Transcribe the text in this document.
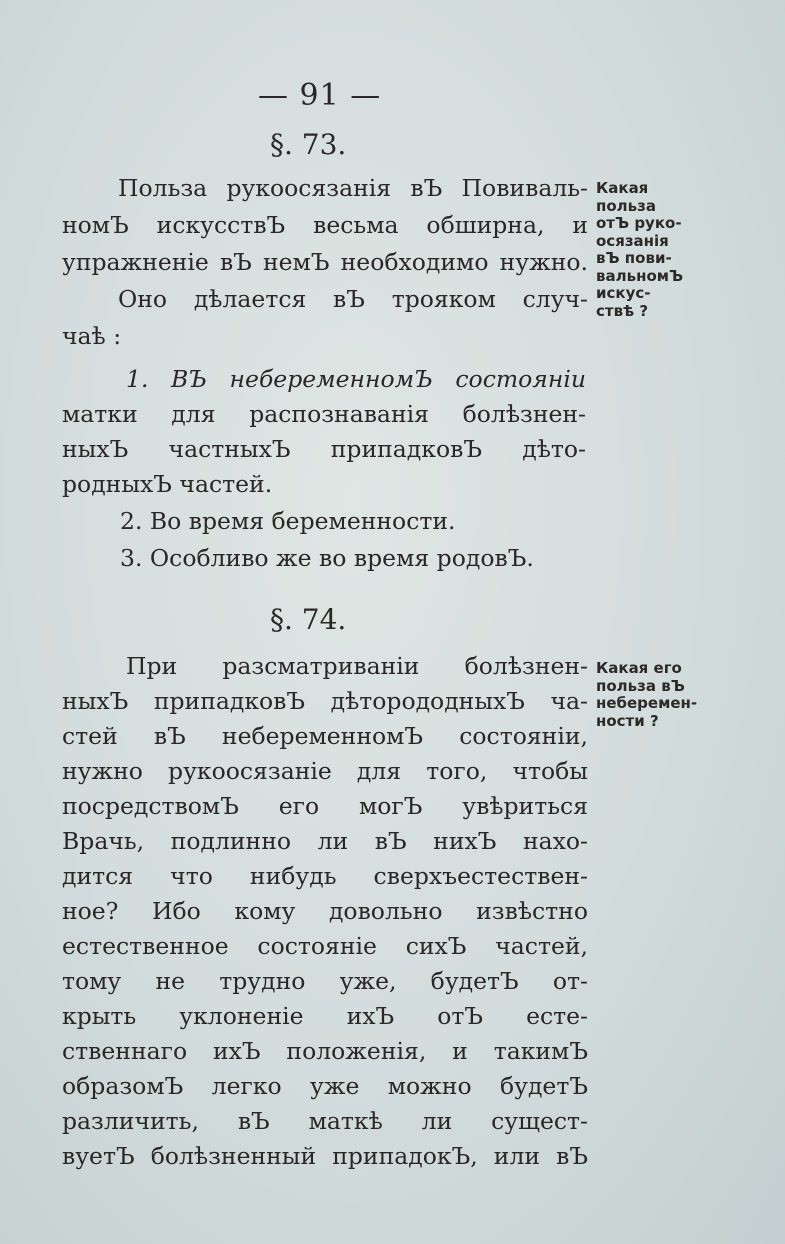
— 91 —
§. 73.
Польза рукоосязанія вЪ Повиваль-
номЪ искусствЪ весьма обширна, и
упражненіе вЪ немЪ необходимо нужно.
Оно дѣлается вЪ трояком случ-
чаѣ :
1. ВЪ небеременномЪ состояніи
матки для распознаванія болѣзнен-
ныхЪ частныхЪ припадковЪ дѣто-
родныхЪ частей.
2. Во время беременности.
3. Особливо же во время родовЪ.
Какая
польза
отЪ руко-
осязанія
вЪ пови-
вальномЪ
искус-
ствѣ ?
§. 74.
При разсматриваніи болѣзнен-
ныхЪ припадковЪ дѣторододныхЪ ча-
стей вЪ небеременномЪ состояніи,
нужно рукоосязаніе для того, чтобы
посредствомЪ его могЪ увѣриться
Врачь, подлинно ли вЪ нихЪ нахо-
дится что нибудь сверхъестествен-
ное? Ибо кому довольно извѣстно
естественное состояніе сихЪ частей,
тому не трудно уже, будетЪ от-
крыть уклоненіе ихЪ отЪ есте-
ственнаго ихЪ положенія, и такимЪ
образомЪ легко уже можно будетЪ
различить, вЪ маткѣ ли сущест-
вуетЪ болѣзненный припадокЪ, или вЪ
Какая его
польза вЪ
неберемен-
ности ?
